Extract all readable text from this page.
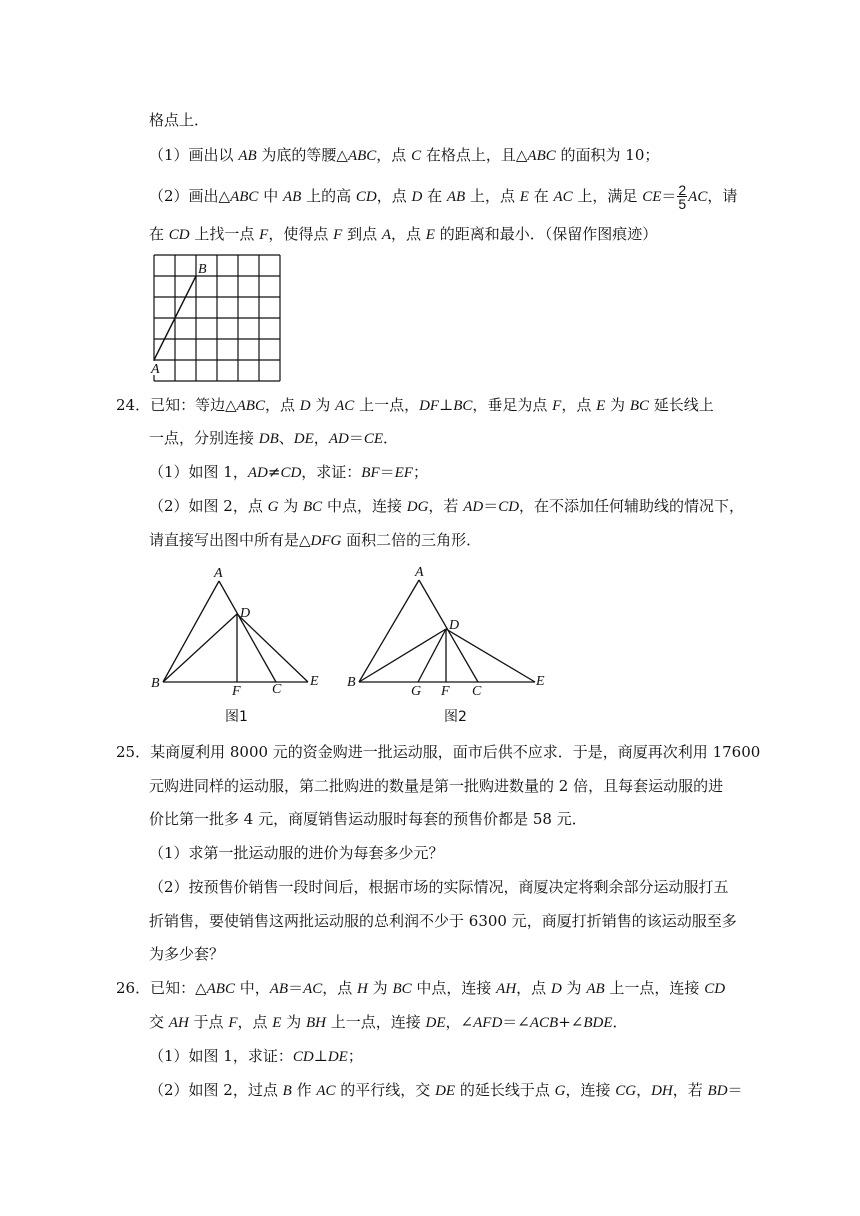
格点上．
（1）画出以 AB 为底的等腰△ABC，点 C 在格点上，且△ABC 的面积为 10；
（2）画出△ABC 中 AB 上的高 CD，点 D 在 AB 上，点 E 在 AC 上，满足 $CE= \frac{2}{5}$ AC，请
在 CD 上找一点 F，使得点 F 到点 A，点 E 的距离和最小．（保留作图痕迹）
B
A
24．已知：等边△ABC，点 D 为 AC 上一点，DF⊥BC，垂足为点 F，点 E 为 BC 延长线上
一点，分别连接 DB、DE，AD＝CE．
（1）如图 1，AD≠CD，求证：BF＝EF；
（2）如图 2，点 G 为 BC 中点，连接 DG，若 AD＝CD，在不添加任何辅助线的情况下，
请直接写出图中所有是△DFG 面积二倍的三角形．
A
D
B
F C
E
图1
A
D
B
G F C
E
图2
25．某商厦利用 8000 元的资金购进一批运动服，面市后供不应求．于是，商厦再次利用 17600
元购进同样的运动服，第二批购进的数量是第一批购进数量的 2 倍，且每套运动服的进
价比第一批多 4 元，商厦销售运动服时每套的预售价都是 58 元．
（1）求第一批运动服的进价为每套多少元？
（2）按预售价销售一段时间后，根据市场的实际情况，商厦决定将剩余部分运动服打五
折销售，要使销售这两批运动服的总利润不少于 6300 元，商厦打折销售的该运动服至多
为多少套？
26．已知：△ABC 中，AB＝AC，点 H 为 BC 中点，连接 AH，点 D 为 AB 上一点，连接 CD
交 AH 于点 F，点 E 为 BH 上一点，连接 DE，∠AFD＝∠ACB+∠BDE．
（1）如图 1，求证：CD⊥DE；
（2）如图 2，过点 B 作 AC 的平行线，交 DE 的延长线于点 G，连接 CG，DH，若 BD＝
